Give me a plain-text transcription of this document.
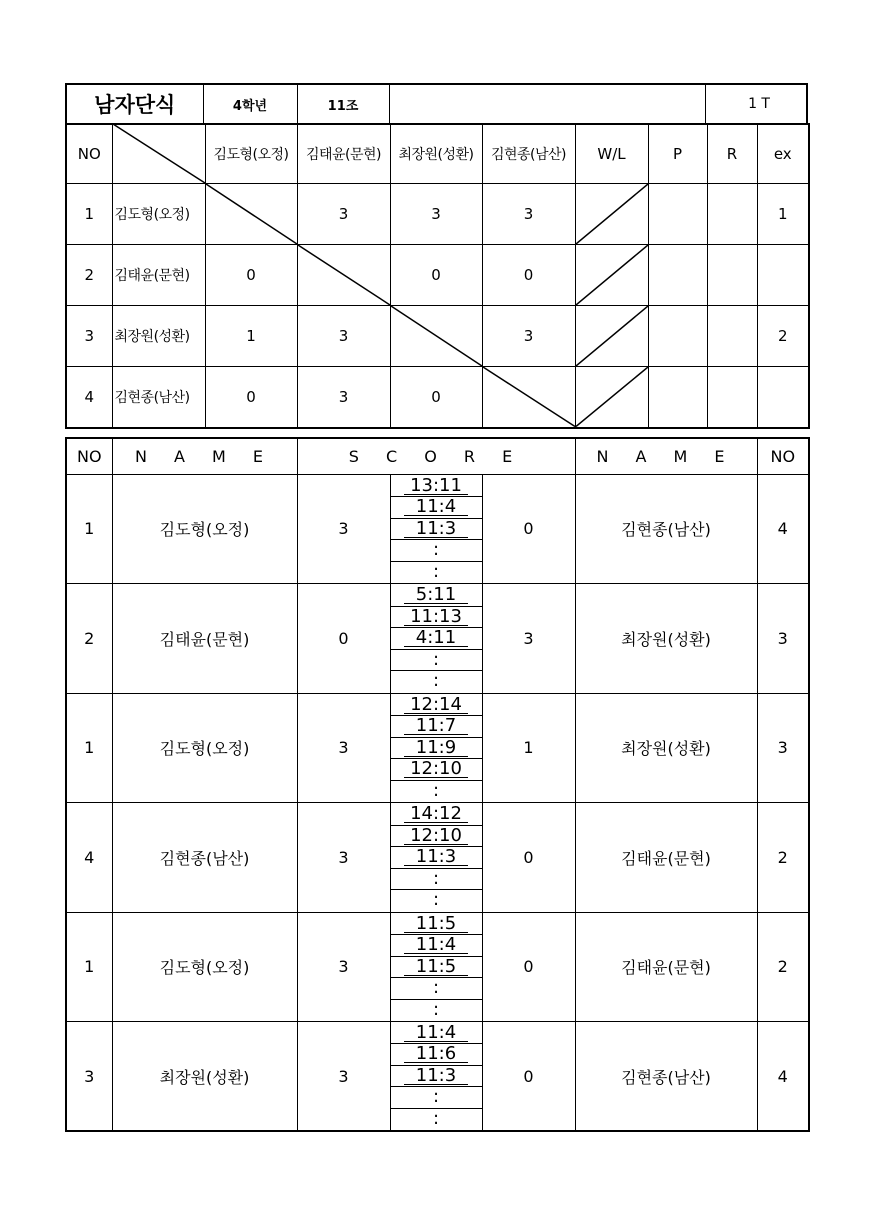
남자단식	4학년	11조		1 T
NO		김도형(오정)	김태윤(문현)	최장원(성환)	김현종(남산)	W/L	P	R	ex
1	김도형(오정)		3	3	3				1
2	김태윤(문현)	0		0	0	

3	최장원(성환)	1	3		3				2
4	김현종(남산)	0	3	0	

NO	N A M E	S C O R E			N A M E	NO
1	김도형(오정)	3	13:11
11:4
11:3
:
:	0	김현종(남산)	4
2	김태윤(문현)	0	5:11
11:13
4:11
:
:	3	최장원(성환)	3
1	김도형(오정)	3	12:14
11:7
11:9
12:10
:	1	최장원(성환)	3
4	김현종(남산)	3	14:12
12:10
11:3
:
:	0	김태윤(문현)	2
1	김도형(오정)	3	11:5
11:4
11:5
:
:	0	김태윤(문현)	2
3	최장원(성환)	3	11:4
11:6
11:3
:
:	0	김현종(남산)	4
